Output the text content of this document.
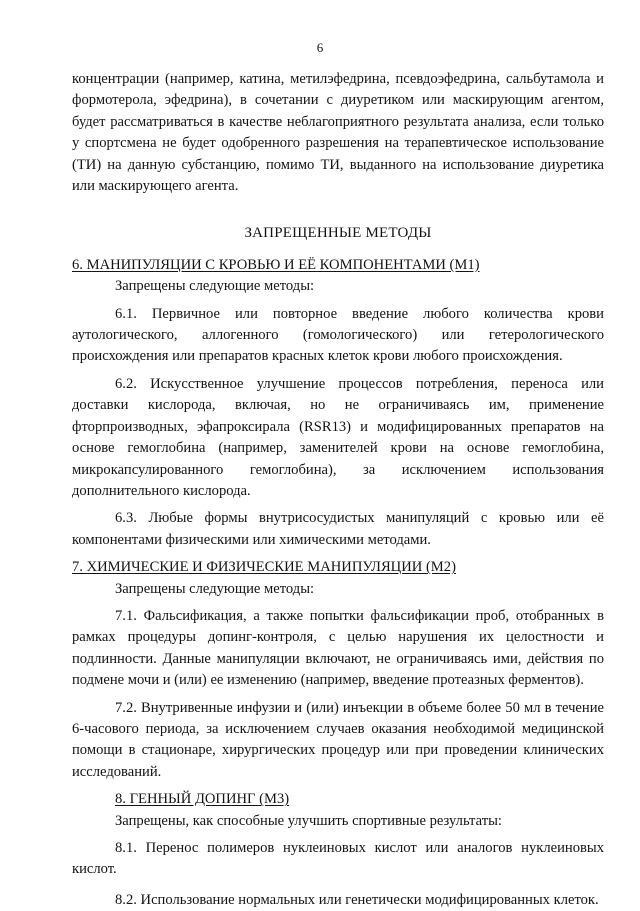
6

концентрации (например, катина, метилэфедрина, псевдоэфедрина, сальбутамола и формотерола, эфедрина), в сочетании с диуретиком или маскирующим агентом, будет рассматриваться в качестве неблагоприятного результата анализа, если только у спортсмена не будет одобренного разрешения на терапевтическое использование (ТИ) на данную субстанцию, помимо ТИ, выданного на использование диуретика или маскирующего агента.

ЗАПРЕЩЕННЫЕ МЕТОДЫ

6. МАНИПУЛЯЦИИ С КРОВЬЮ И ЕЁ КОМПОНЕНТАМИ (М1)

Запрещены следующие методы:

6.1. Первичное или повторное введение любого количества крови аутологического, аллогенного (гомологического) или гетерологического происхождения или препаратов красных клеток крови любого происхождения.

6.2. Искусственное улучшение процессов потребления, переноса или доставки кислорода, включая, но не ограничиваясь им, применение фторпроизводных, эфапроксирала (RSR13) и модифицированных препаратов на основе гемоглобина (например, заменителей крови на основе гемоглобина, микрокапсулированного гемоглобина), за исключением использования дополнительного кислорода.

6.3. Любые формы внутрисосудистых манипуляций с кровью или её компонентами физическими или химическими методами.

7. ХИМИЧЕСКИЕ И ФИЗИЧЕСКИЕ МАНИПУЛЯЦИИ (М2)

Запрещены следующие методы:

7.1. Фальсификация, а также попытки фальсификации проб, отобранных в рамках процедуры допинг-контроля, с целью нарушения их целостности и подлинности. Данные манипуляции включают, не ограничиваясь ими, действия по подмене мочи и (или) ее изменению (например, введение протеазных ферментов).

7.2. Внутривенные инфузии и (или) инъекции в объеме более 50 мл в течение 6-часового периода, за исключением случаев оказания необходимой медицинской помощи в стационаре, хирургических процедур или при проведении клинических исследований.

8. ГЕННЫЙ ДОПИНГ (М3)

Запрещены, как способные улучшить спортивные результаты:

8.1. Перенос полимеров нуклеиновых кислот или аналогов нуклеиновых кислот.

8.2. Использование нормальных или генетически модифицированных клеток.
